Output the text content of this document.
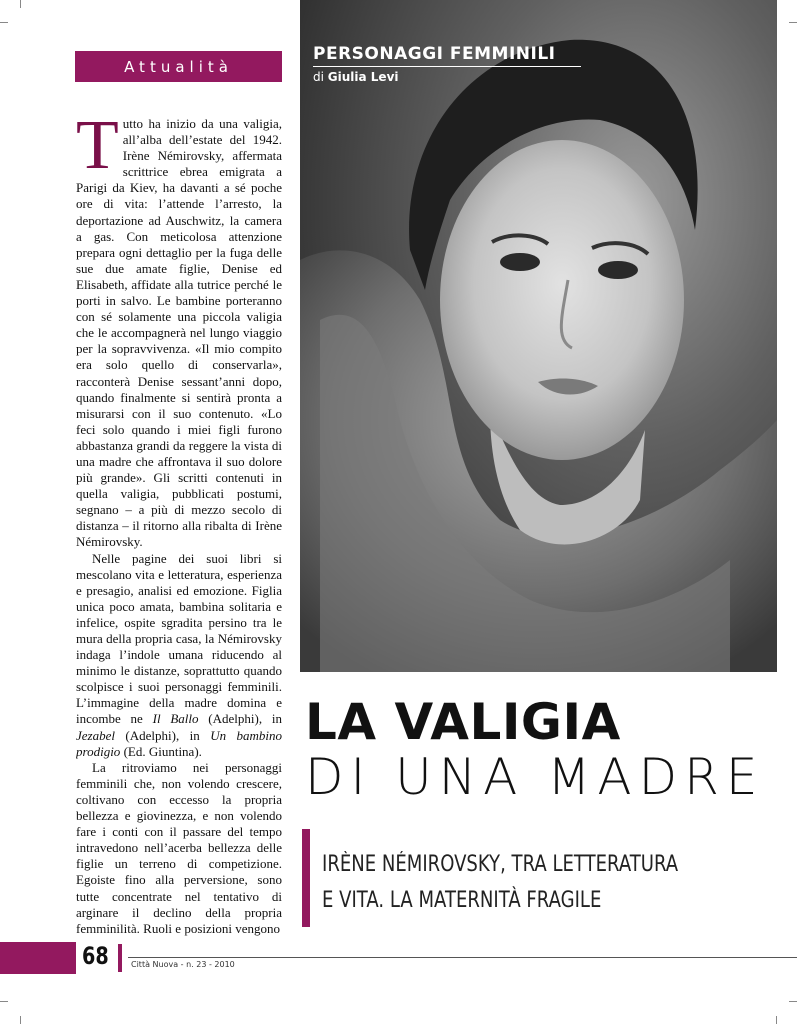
Attualità
PERSONAGGI FEMMINILI
di Giulia Levi

Tutto ha inizio da una valigia, all’alba dell’estate del 1942. Irène Némirovsky, affermata scrittrice ebrea emigrata a Parigi da Kiev, ha davanti a sé poche ore di vita: l’attende l’arresto, la deportazione ad Auschwitz, la camera a gas. Con meticolosa attenzione prepara ogni dettaglio per la fuga delle sue due amate figlie, Denise ed Elisabeth, affidate alla tutrice perché le porti in salvo. Le bambine porteranno con sé solamente una piccola valigia che le accompagnerà nel lungo viaggio per la sopravvivenza. «Il mio compito era solo quello di conservarla», racconterà Denise sessant’anni dopo, quando finalmente si sentirà pronta a misurarsi con il suo contenuto. «Lo feci solo quando i miei figli furono abbastanza grandi da reggere la vista di una madre che affrontava il suo dolore più grande». Gli scritti contenuti in quella valigia, pubblicati postumi, segnano – a più di mezzo secolo di distanza – il ritorno alla ribalta di Irène Némirovsky.

Nelle pagine dei suoi libri si mescolano vita e letteratura, esperienza e presagio, analisi ed emozione. Figlia unica poco amata, bambina solitaria e infelice, ospite sgradita persino tra le mura della propria casa, la Némirovsky indaga l’indole umana riducendo al minimo le distanze, soprattutto quando scolpisce i suoi personaggi femminili. L’immagine della madre domina e incombe ne Il Ballo (Adelphi), in Jezabel (Adelphi), in Un bambino prodigio (Ed. Giuntina).

La ritroviamo nei personaggi femminili che, non volendo crescere, coltivano con eccesso la propria bellezza e giovinezza, e non volendo fare i conti con il passare del tempo intravedono nell’acerba bellezza delle figlie un terreno di competizione. Egoiste fino alla perversione, sono tutte concentrate nel tentativo di arginare il declino della propria femminilità. Ruoli e posizioni vengono

LA VALIGIA
DI UNA MADRE
IRÈNE NÉMIROVSKY, TRA LETTERATURA
E VITA. LA MATERNITÀ FRAGILE
68	Città Nuova - n. 23 - 2010
